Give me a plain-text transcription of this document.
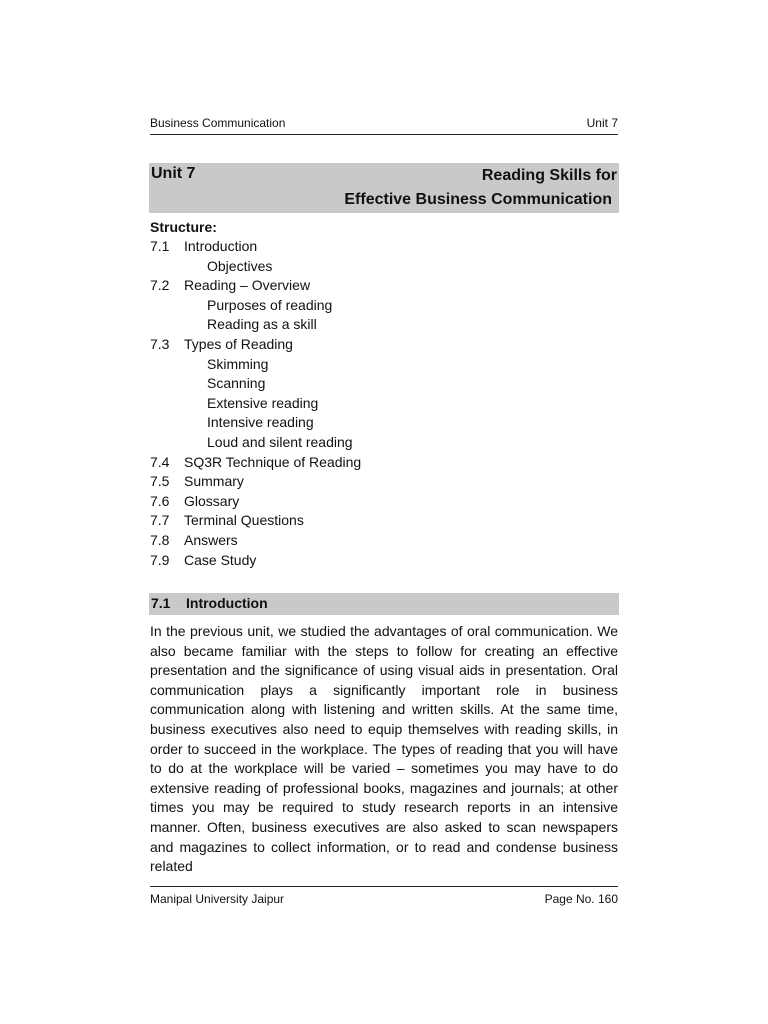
Business Communication	Unit 7
Unit 7	Reading Skills for
Effective Business Communication
Structure:
7.1	Introduction
Objectives
7.2	Reading – Overview
Purposes of reading
Reading as a skill
7.3	Types of Reading
Skimming
Scanning
Extensive reading
Intensive reading
Loud and silent reading
7.4	SQ3R Technique of Reading
7.5	Summary
7.6	Glossary
7.7	Terminal Questions
7.8	Answers
7.9	Case Study
7.1 Introduction
In the previous unit, we studied the advantages of oral communication. We also became familiar with the steps to follow for creating an effective presentation and the significance of using visual aids in presentation. Oral communication plays a significantly important role in business communication along with listening and written skills. At the same time, business executives also need to equip themselves with reading skills, in order to succeed in the workplace. The types of reading that you will have to do at the workplace will be varied – sometimes you may have to do extensive reading of professional books, magazines and journals; at other times you may be required to study research reports in an intensive manner. Often, business executives are also asked to scan newspapers and magazines to collect information, or to read and condense business related
Manipal University Jaipur	Page No. 160
